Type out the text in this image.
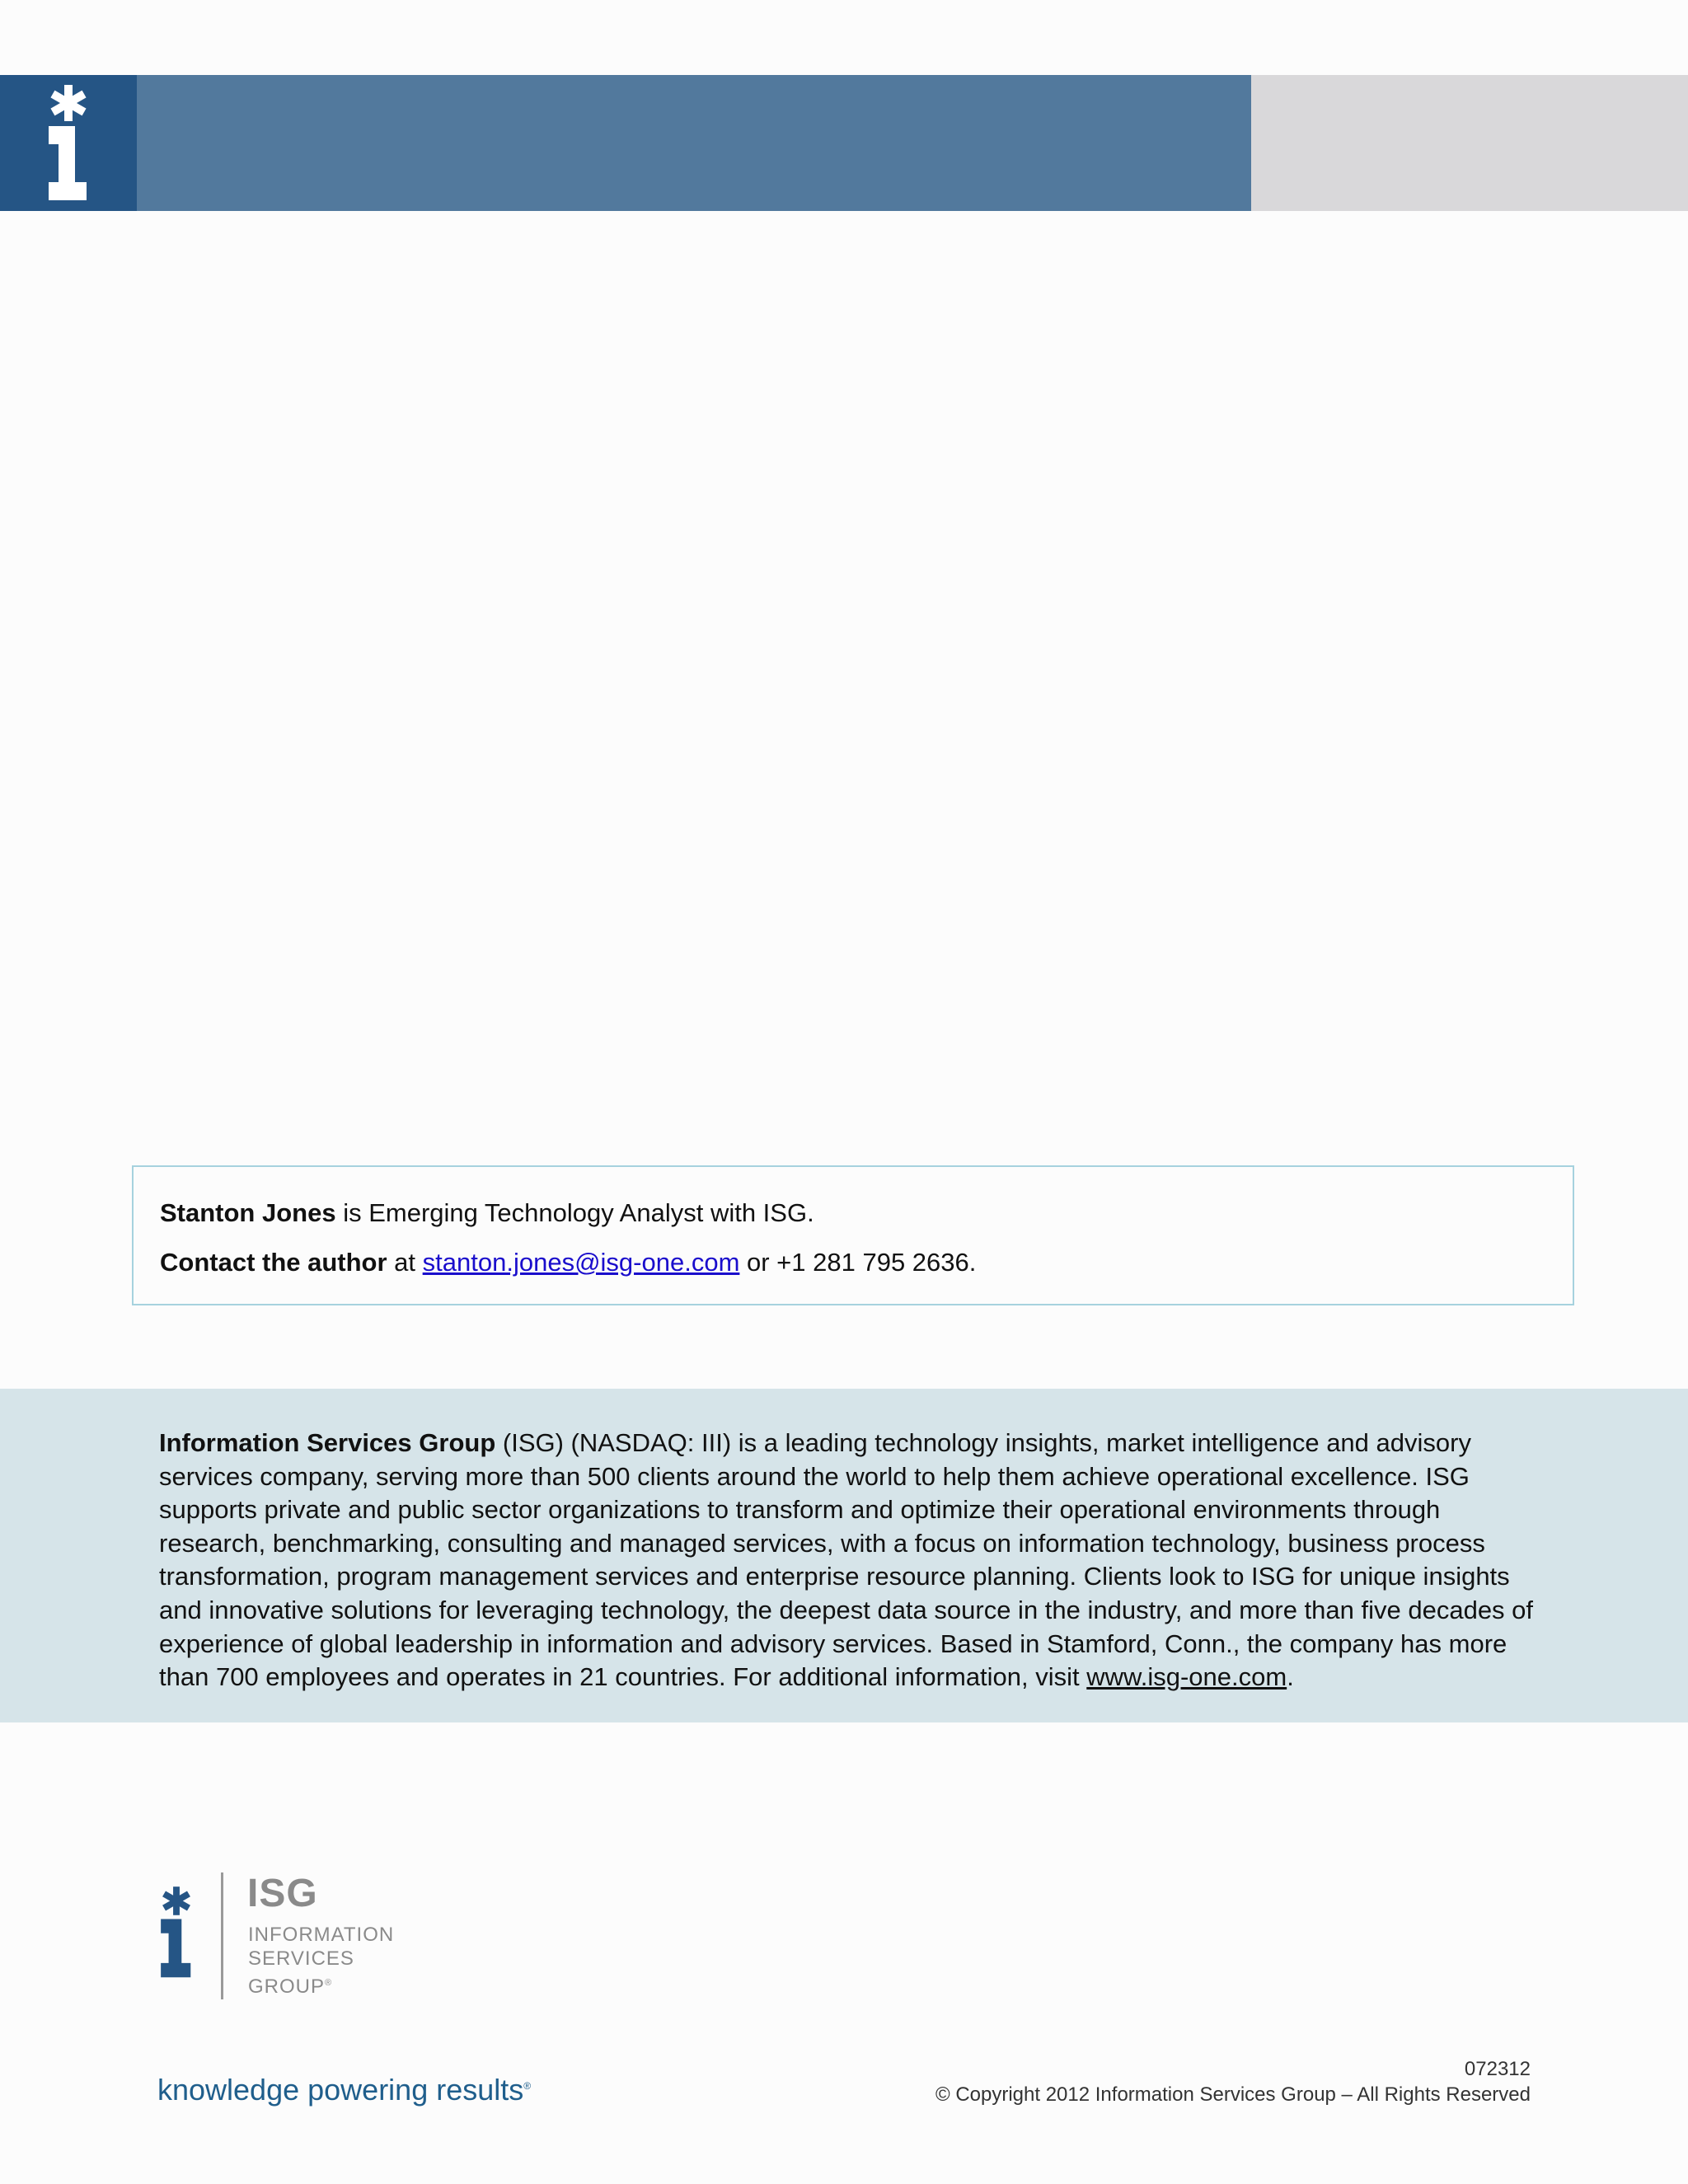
Stanton Jones is Emerging Technology Analyst with ISG.

Contact the author at stanton.jones@isg-one.com or +1 281 795 2636.

Information Services Group (ISG) (NASDAQ: III) is a leading technology insights, market intelligence and advisory services company, serving more than 500 clients around the world to help them achieve operational excellence. ISG supports private and public sector organizations to transform and optimize their operational environments through research, benchmarking, consulting and managed services, with a focus on information technology, business process transformation, program management services and enterprise resource planning. Clients look to ISG for unique insights and innovative solutions for leveraging technology, the deepest data source in the industry, and more than five decades of experience of global leadership in information and advisory services. Based in Stamford, Conn., the company has more than 700 employees and operates in 21 countries. For additional information, visit www.isg-one.com.

ISG
INFORMATION
SERVICES
GROUP®
knowledge powering results®
072312
© Copyright 2012 Information Services Group – All Rights Reserved
